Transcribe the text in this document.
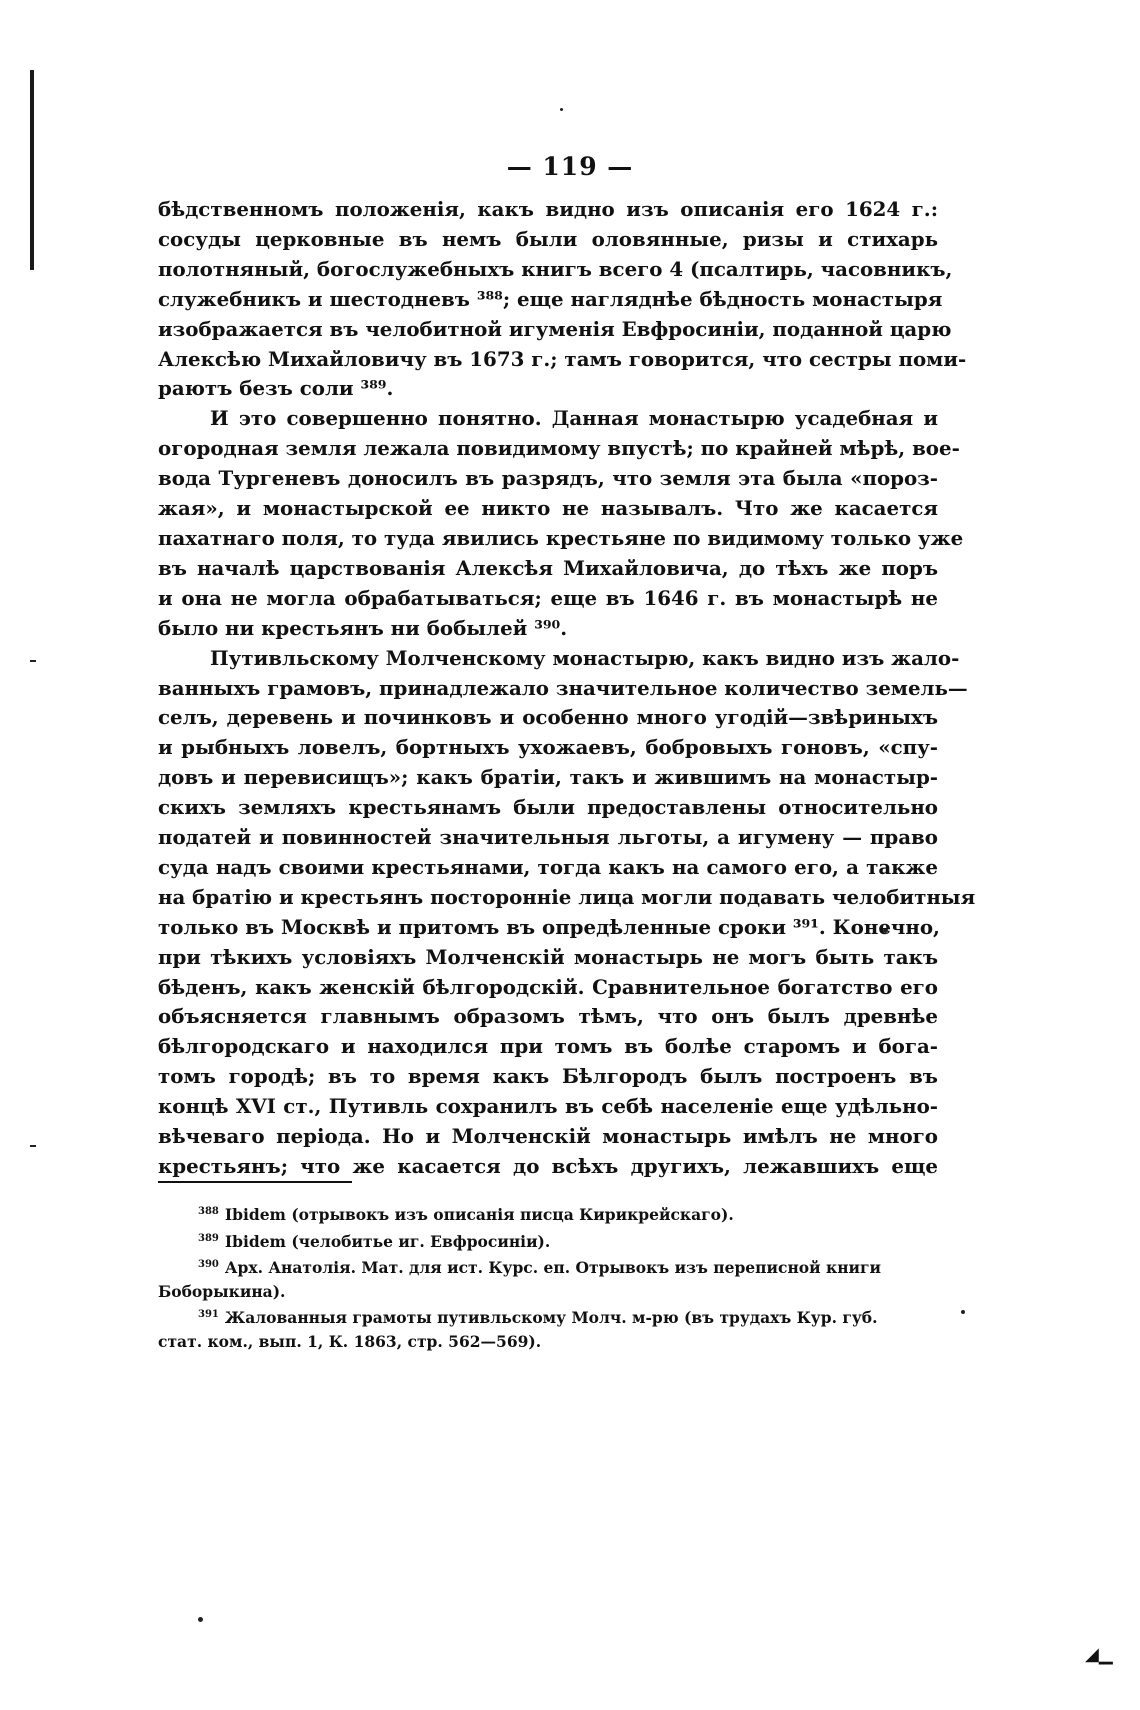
— 119 —

бѣдственномъ положенія, какъ видно изъ описанія его 1624 г.:
сосуды церковные въ немъ были оловянные, ризы и стихарь
полотняный, богослужебныхъ книгъ всего 4 (псалтирь, часовникъ,
служебникъ и шестодневъ ³⁸⁸; еще нагляднѣе бѣдность монастыря
изображается въ челобитной игуменія Евфросиніи, поданной царю
Алексѣю Михайловичу въ 1673 г.; тамъ говорится, что сестры поми-
раютъ безъ соли ³⁸⁹.

И это совершенно понятно. Данная монастырю усадебная и
огородная земля лежала повидимому впустѣ; по крайней мѣрѣ, вое-
вода Тургеневъ доносилъ въ разрядъ, что земля эта была «пороз-
жая», и монастырской ее никто не называлъ. Что же касается
пахатнаго поля, то туда явились крестьяне по видимому только уже
въ началѣ царствованія Алексѣя Михайловича, до тѣхъ же поръ
и она не могла обрабатываться; еще въ 1646 г. въ монастырѣ не
было ни крестьянъ ни бобылей ³⁹⁰.

Путивльскому Молченскому монастырю, какъ видно изъ жало-
ванныхъ грамовъ, принадлежало значительное количество земель—
селъ, деревень и починковъ и особенно много угодій—звѣриныхъ
и рыбныхъ ловелъ, бортныхъ ухожаевъ, бобровыхъ гоновъ, «спу-
довъ и перевисищъ»; какъ братіи, такъ и жившимъ на монастыр-
скихъ земляхъ крестьянамъ были предоставлены относительно
податей и повинностей значительныя льготы, а игумену — право
суда надъ своими крестьянами, тогда какъ на самого его, а также
на братію и крестьянъ посторонніе лица могли подавать челобитныя
только въ Москвѣ и притомъ въ опредѣленные сроки ³⁹¹. Конечно,
при тѣкихъ условіяхъ Молченскій монастырь не могъ быть такъ
бѣденъ, какъ женскій бѣлгородскій. Сравнительное богатство его
объясняется главнымъ образомъ тѣмъ, что онъ былъ древнѣе
бѣлгородскаго и находился при томъ въ болѣе старомъ и бога-
томъ городѣ; въ то время какъ Бѣлгородъ былъ построенъ въ
концѣ XVI ст., Путивль сохранилъ въ себѣ населеніе еще удѣльно-
вѣчеваго періода. Но и Молченскій монастырь имѣлъ не много
крестьянъ; что же касается до всѣхъ другихъ, лежавшихъ еще

$^{388}$ Ibidem (отрывокъ изъ описанія писца Кирикрейскаго).
$^{389}$ Ibidem (челобитье иг. Евфросиніи).
$^{390}$ Арх. Анатолія. Мат. для ист. Курс. еп. Отрывокъ изъ переписной книги
Боборыкина).
$^{391}$ Жалованныя грамоты путивльскому Молч. м-рю (въ трудахъ Кур. губ.
стат. ком., вып. 1, К. 1863, стр. 562—569).
◢▁
